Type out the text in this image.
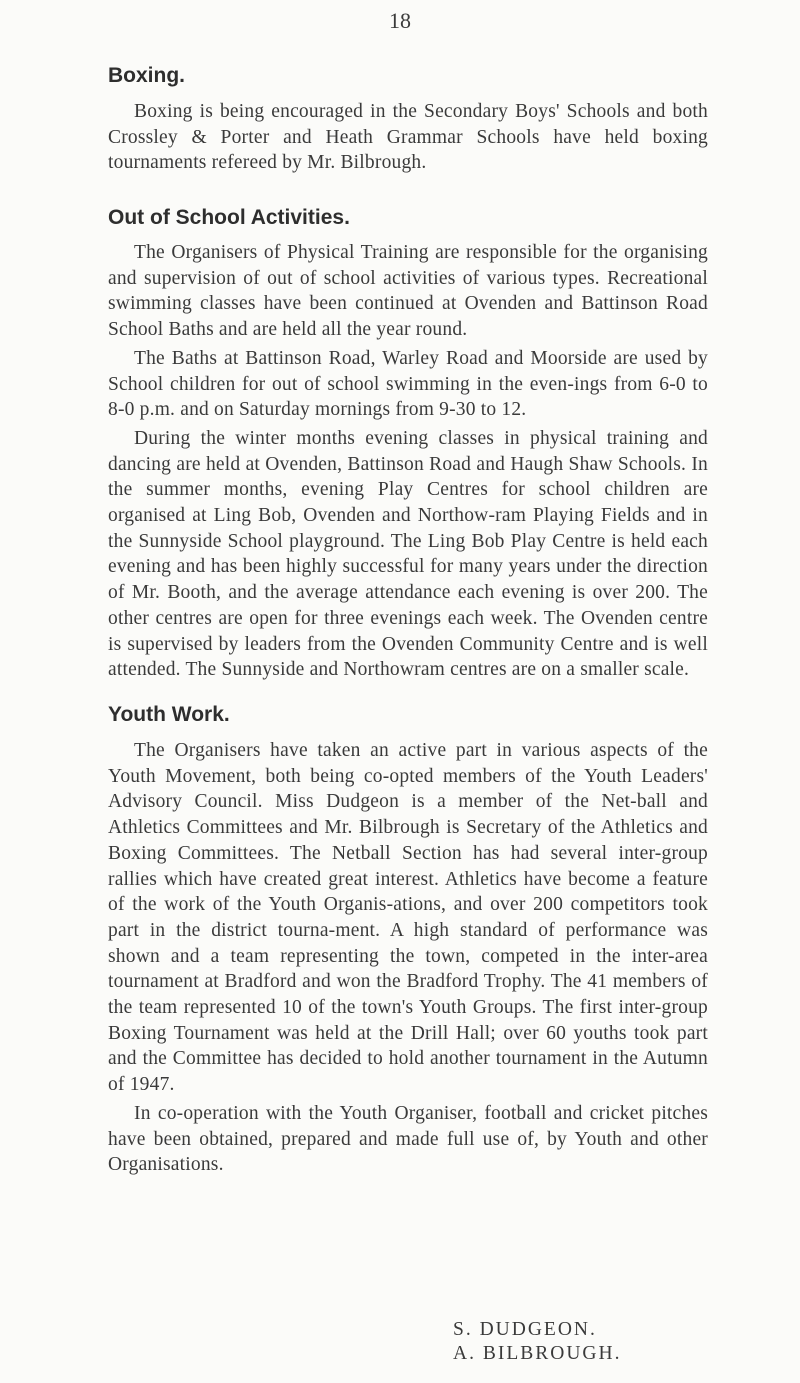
18
Boxing.

Boxing is being encouraged in the Secondary Boys' Schools and both Crossley & Porter and Heath Grammar Schools have held boxing tournaments refereed by Mr. Bilbrough.

Out of School Activities.

The Organisers of Physical Training are responsible for the organising and supervision of out of school activities of various types. Recreational swimming classes have been continued at Ovenden and Battinson Road School Baths and are held all the year round.

The Baths at Battinson Road, Warley Road and Moorside are used by School children for out of school swimming in the even-ings from 6-0 to 8-0 p.m. and on Saturday mornings from 9-30 to 12.

During the winter months evening classes in physical training and dancing are held at Ovenden, Battinson Road and Haugh Shaw Schools. In the summer months, evening Play Centres for school children are organised at Ling Bob, Ovenden and Northow-ram Playing Fields and in the Sunnyside School playground. The Ling Bob Play Centre is held each evening and has been highly successful for many years under the direction of Mr. Booth, and the average attendance each evening is over 200. The other centres are open for three evenings each week. The Ovenden centre is supervised by leaders from the Ovenden Community Centre and is well attended. The Sunnyside and Northowram centres are on a smaller scale.

Youth Work.

The Organisers have taken an active part in various aspects of the Youth Movement, both being co-opted members of the Youth Leaders' Advisory Council. Miss Dudgeon is a member of the Net-ball and Athletics Committees and Mr. Bilbrough is Secretary of the Athletics and Boxing Committees. The Netball Section has had several inter-group rallies which have created great interest. Athletics have become a feature of the work of the Youth Organis-ations, and over 200 competitors took part in the district tourna-ment. A high standard of performance was shown and a team representing the town, competed in the inter-area tournament at Bradford and won the Bradford Trophy. The 41 members of the team represented 10 of the town's Youth Groups. The first inter-group Boxing Tournament was held at the Drill Hall; over 60 youths took part and the Committee has decided to hold another tournament in the Autumn of 1947.

In co-operation with the Youth Organiser, football and cricket pitches have been obtained, prepared and made full use of, by Youth and other Organisations.

S. DUDGEON.
A. BILBROUGH.
